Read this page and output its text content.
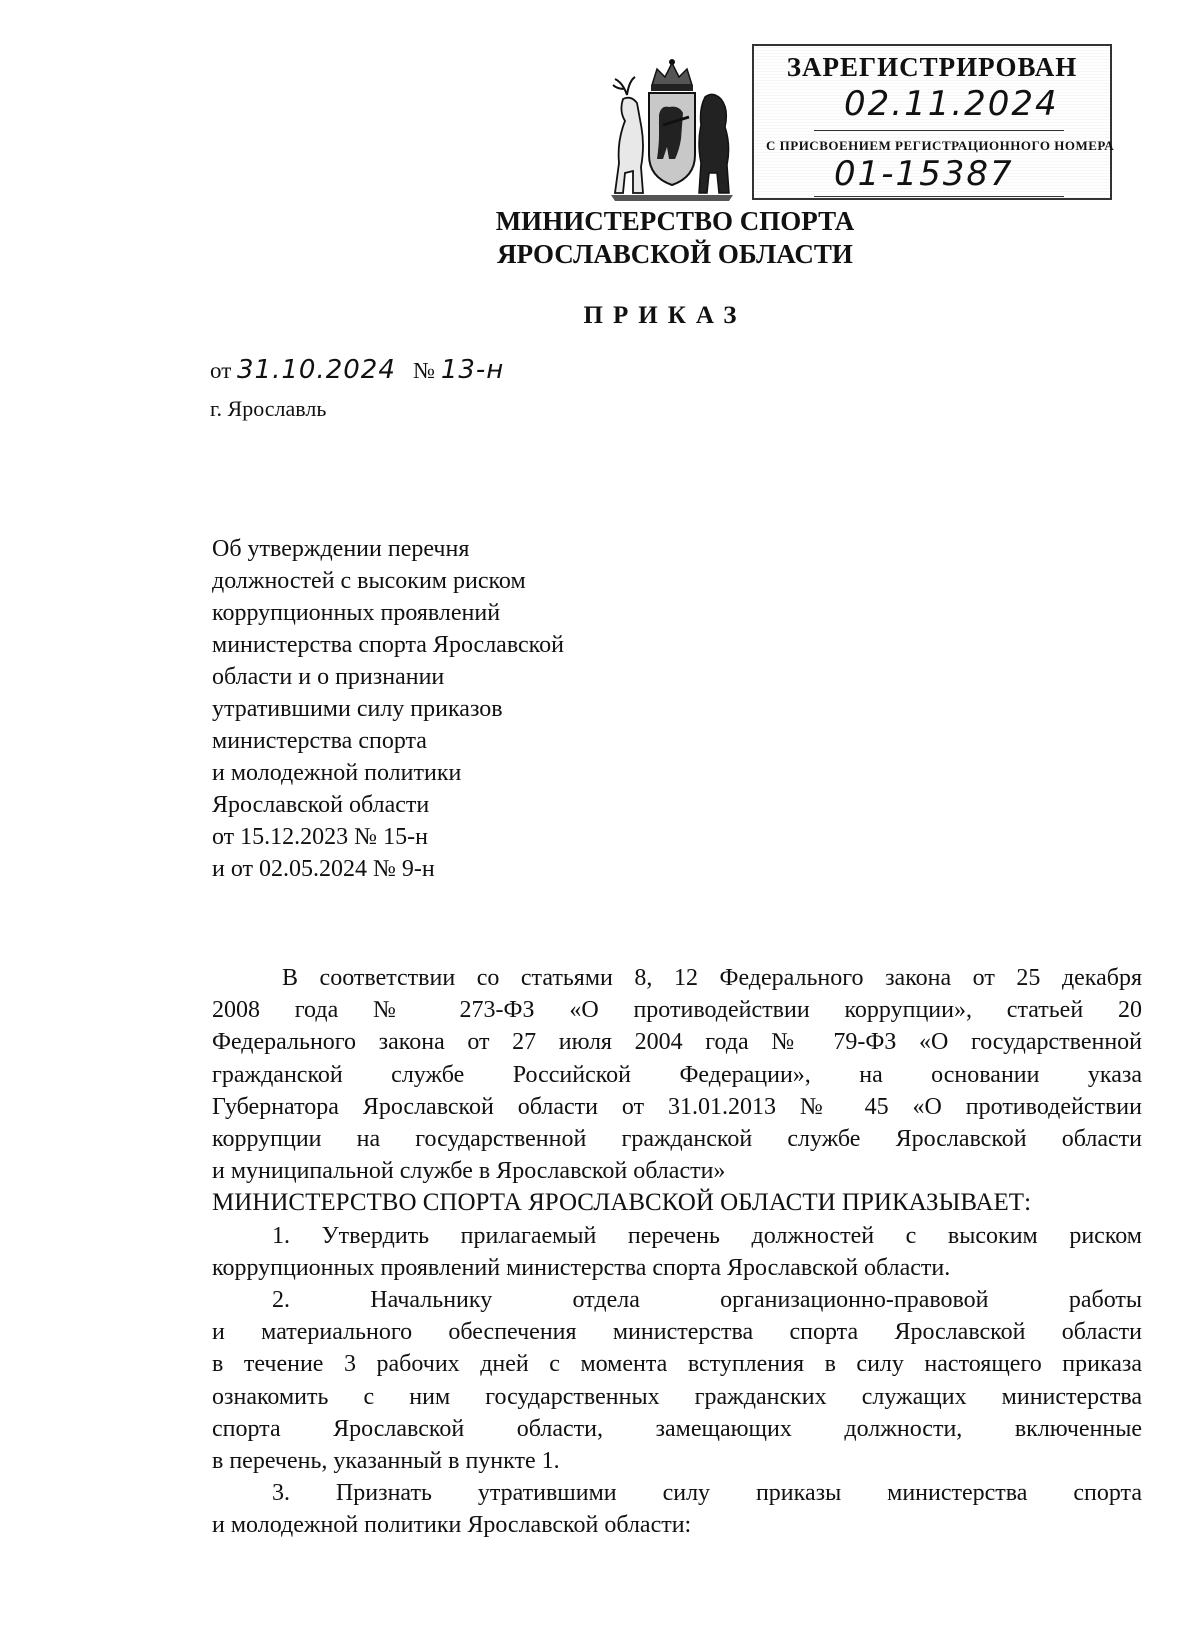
ЗАРЕГИСТРИРОВАН
02.11.2024
С ПРИСВОЕНИЕМ РЕГИСТРАЦИОННОГО НОМЕРА
01-15387
МИНИСТЕРСТВО СПОРТА
ЯРОСЛАВСКОЙ ОБЛАСТИ
ПРИКАЗ
от 31.10.2024 № 13-н
г. Ярославль
Об утверждении перечня
должностей с высоким риском
коррупционных проявлений
министерства спорта Ярославской
области и о признании
утратившими силу приказов
министерства спорта
и молодежной политики
Ярославской области
от 15.12.2023 № 15-н
и от 02.05.2024 № 9-н
В соответствии со статьями 8, 12 Федерального закона от 25 декабря
2008 года № 273-ФЗ «О противодействии коррупции», статьей 20
Федерального закона от 27 июля 2004 года № 79-ФЗ «О государственной
гражданской службе Российской Федерации», на основании указа
Губернатора Ярославской области от 31.01.2013 № 45 «О противодействии
коррупции на государственной гражданской службе Ярославской области
и муниципальной службе в Ярославской области»
МИНИСТЕРСТВО СПОРТА ЯРОСЛАВСКОЙ ОБЛАСТИ ПРИКАЗЫВАЕТ:
1. Утвердить прилагаемый перечень должностей с высоким риском
коррупционных проявлений министерства спорта Ярославской области.
2. Начальнику отдела организационно-правовой работы
и материального обеспечения министерства спорта Ярославской области
в течение 3 рабочих дней с момента вступления в силу настоящего приказа
ознакомить с ним государственных гражданских служащих министерства
спорта Ярославской области, замещающих должности, включенные
в перечень, указанный в пункте 1.
3. Признать утратившими силу приказы министерства спорта
и молодежной политики Ярославской области:
